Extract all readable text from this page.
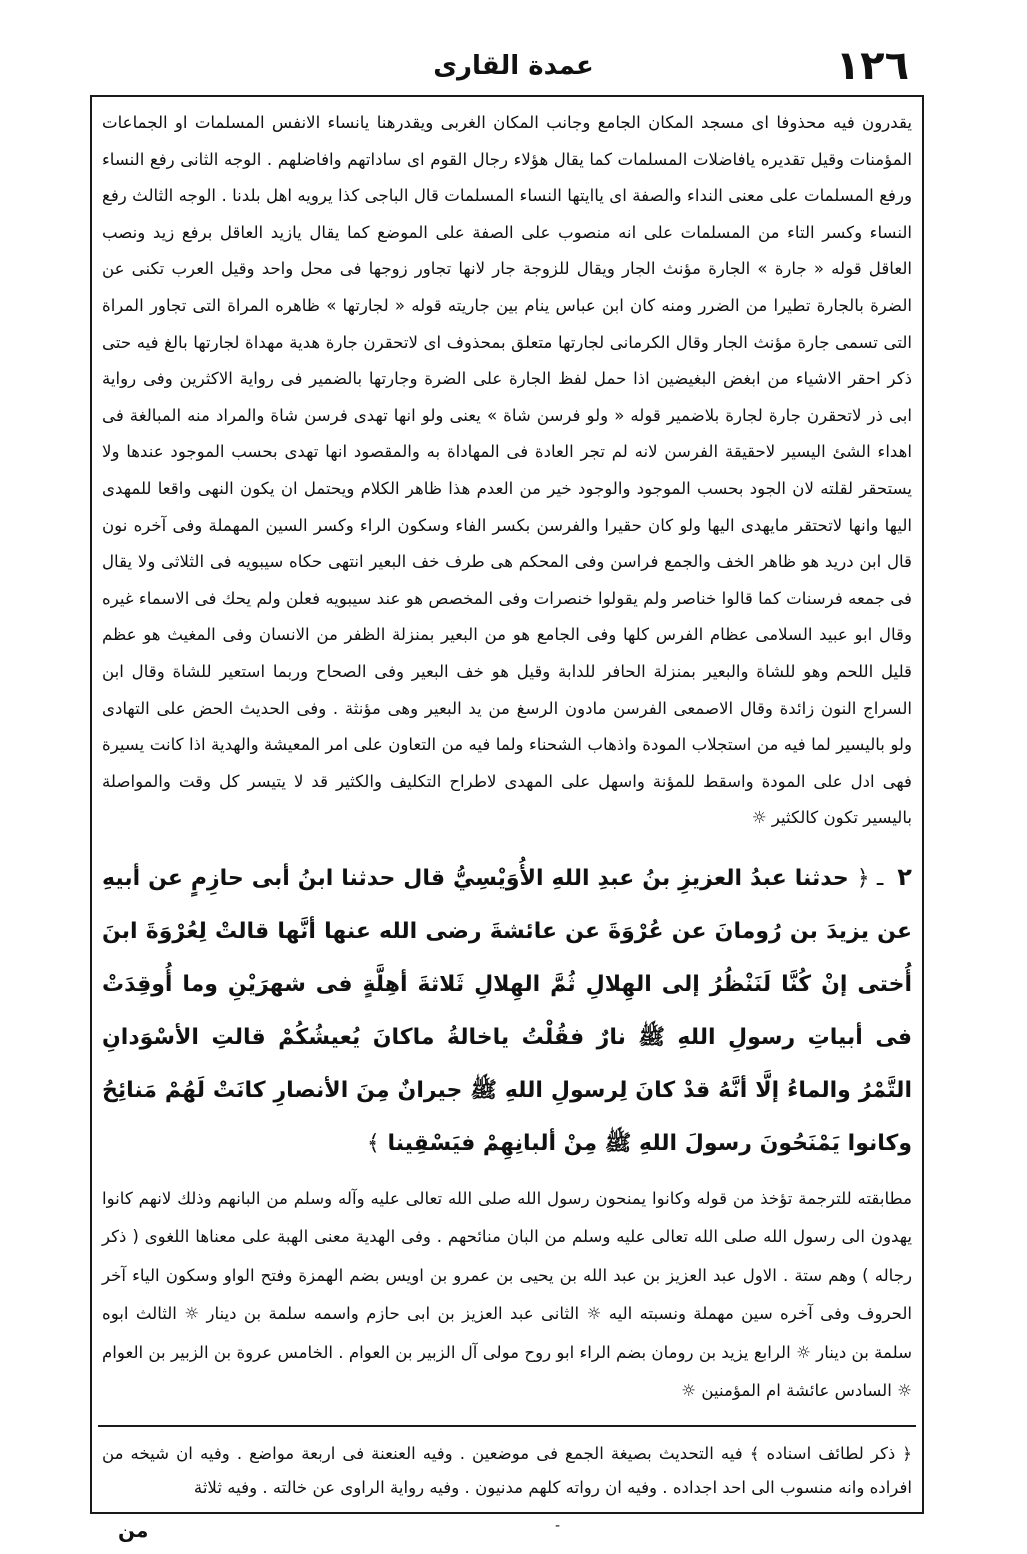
١٢٦
عمدة القارى

يقدرون فيه محذوفا اى مسجد المكان الجامع وجانب المكان الغربى ويقدرهنا يانساء الانفس المسلمات او الجماعات المؤمنات وقيل تقديره يافاضلات المسلمات كما يقال هؤلاء رجال القوم اى ساداتهم وافاضلهم . الوجه الثانى رفع النساء ورفع المسلمات على معنى النداء والصفة اى ياايتها النساء المسلمات قال الباجى كذا يرويه اهل بلدنا . الوجه الثالث رفع النساء وكسر التاء من المسلمات على انه منصوب على الصفة على الموضع كما يقال يازيد العاقل برفع زيد ونصب العاقل قوله « جارة » الجارة مؤنث الجار ويقال للزوجة جار لانها تجاور زوجها فى محل واحد وقيل العرب تكنى عن الضرة بالجارة تطيرا من الضرر ومنه كان ابن عباس ينام بين جاريته قوله « لجارتها » ظاهره المراة التى تجاور المراة التى تسمى جارة مؤنث الجار وقال الكرمانى لجارتها متعلق بمحذوف اى لاتحقرن جارة هدية مهداة لجارتها بالغ فيه حتى ذكر احقر الاشياء من ابغض البغيضين اذا حمل لفظ الجارة على الضرة وجارتها بالضمير فى رواية الاكثرين وفى رواية ابى ذر لاتحقرن جارة لجارة بلاضمير قوله « ولو فرسن شاة » يعنى ولو انها تهدى فرسن شاة والمراد منه المبالغة فى اهداء الشئ اليسير لاحقيقة الفرسن لانه لم تجر العادة فى المهاداة به والمقصود انها تهدى بحسب الموجود عندها ولا يستحقر لقلته لان الجود بحسب الموجود والوجود خير من العدم هذا ظاهر الكلام ويحتمل ان يكون النهى واقعا للمهدى اليها وانها لاتحتقر مايهدى اليها ولو كان حقيرا والفرسن بكسر الفاء وسكون الراء وكسر السين المهملة وفى آخره نون قال ابن دريد هو ظاهر الخف والجمع فراسن وفى المحكم هى طرف خف البعير انتهى حكاه سيبويه فى الثلاثى ولا يقال فى جمعه فرسنات كما قالوا خناصر ولم يقولوا خنصرات وفى المخصص هو عند سيبويه فعلن ولم يحك فى الاسماء غيره وقال ابو عبيد السلامى عظام الفرس كلها وفى الجامع هو من البعير بمنزلة الظفر من الانسان وفى المغيث هو عظم قليل اللحم وهو للشاة والبعير بمنزلة الحافر للدابة وقيل هو خف البعير وفى الصحاح وربما استعير للشاة وقال ابن السراج النون زائدة وقال الاصمعى الفرسن مادون الرسغ من يد البعير وهى مؤنثة . وفى الحديث الحض على التهادى ولو باليسير لما فيه من استجلاب المودة واذهاب الشحناء ولما فيه من التعاون على امر المعيشة والهدية اذا كانت يسيرة فهى ادل على المودة واسقط للمؤنة واسهل على المهدى لاطراح التكليف والكثير قد لا يتيسر كل وقت والمواصلة باليسير تكون كالكثير ☼

٢ ـ ﴿ حدثنا عبدُ العزيزِ بنُ عبدِ اللهِ الأُوَيْسِيُّ قال حدثنا ابنُ أبى حازِمٍ عن أبيهِ عن يزيدَ بن رُومانَ عن عُرْوَةَ عن عائشةَ رضى الله عنها أنَّها قالتْ لِعُرْوَةَ ابنَ أُختى إنْ كُنَّا لَنَنْظُرُ إلى الهِلالِ ثُمَّ الهِلالِ ثَلاثةَ أهِلَّةٍ فى شهرَيْنِ وما أُوقِدَتْ فى أبياتِ رسولِ اللهِ ﷺ نارٌ فقُلْتُ ياخالةُ ماكانَ يُعيشُكُمْ قالتِ الأسْوَدانِ التَّمْرُ والماءُ إلَّا أنَّهُ قدْ كانَ لِرسولِ اللهِ ﷺ جيرانٌ مِنَ الأنصارِ كانَتْ لَهُمْ مَنائِحُ وكانوا يَمْنَحُونَ رسولَ اللهِ ﷺ مِنْ ألبانِهِمْ فيَسْقِينا ﴾

مطابقته للترجمة تؤخذ من قوله وكانوا يمنحون رسول الله صلى الله تعالى عليه وآله وسلم من البانهم وذلك لانهم كانوا يهدون الى رسول الله صلى الله تعالى عليه وسلم من البان منائحهم . وفى الهدية معنى الهبة على معناها اللغوى ( ذكر رجاله ) وهم ستة . الاول عبد العزيز بن عبد الله بن يحيى بن عمرو بن اويس بضم الهمزة وفتح الواو وسكون الياء آخر الحروف وفى آخره سين مهملة ونسبته اليه ☼ الثانى عبد العزيز بن ابى حازم واسمه سلمة بن دينار ☼ الثالث ابوه سلمة بن دينار ☼ الرابع يزيد بن رومان بضم الراء ابو روح مولى آل الزبير بن العوام . الخامس عروة بن الزبير بن العوام ☼ السادس عائشة ام المؤمنين ☼

﴿ ذكر لطائف اسناده ﴾ فيه التحديث بصيغة الجمع فى موضعين . وفيه العنعنة فى اربعة مواضع . وفيه ان شيخه من افراده وانه منسوب الى احد اجداده . وفيه ان رواته كلهم مدنيون . وفيه رواية الراوى عن خالته . وفيه ثلاثة

من	-
